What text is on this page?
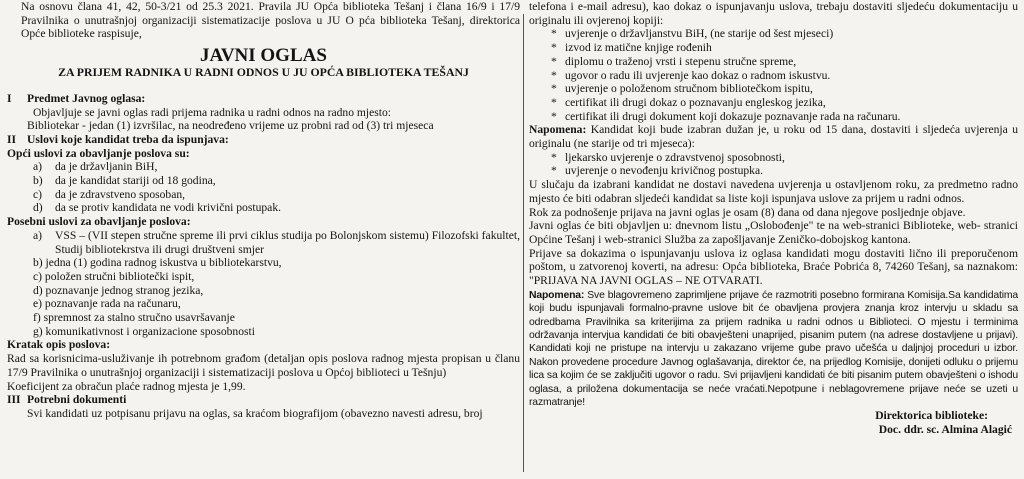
Na osnovu člana 41, 42, 50-3/21 od 25.3 2021. Pravila JU Opća biblioteka Tešanj i člana 16/9 i 17/9 Pravilnika o unutrašnjoj organizaciji sistematizacije poslova u JU O pća biblioteka Tešanj, direktorica Opće biblioteke raspisuje,

JAVNI OGLAS
ZA PRIJEM RADNIKA U RADNI ODNOS U JU OPĆA BIBLIOTEKA TEŠANJ
I	Predmet Javnog oglasa:

Objavljuje se javni oglas radi prijema radnika u radni odnos na radno mjesto:

Bibliotekar - jedan (1) izvršilac, na neodređeno vrijeme uz probni rad od (3) tri mjeseca

II Uslovi koje kandidat treba da ispunjava:

Opći uslovi za obavljanje poslova su:

a)	da je državljanin BiH,
b)	da je kandidat stariji od 18 godina,
c)	da je zdravstveno sposoban,
d)	da se protiv kandidata ne vodi krivični postupak.

Posebni uslovi za obavljanje poslova:

a)	VSS – (VII stepen stručne spreme ili prvi ciklus studija po Bolonjskom sistemu) Filozofski fakultet, Studij bibliotekrstva ili drugi društveni smjer
b) jedna (1) godina radnog iskustva u bibliotekarstvu,
c) položen stručni bibliotečki ispit,
d) poznavanje jednog stranog jezika,
e) poznavanje rada na računaru,
f) spremnost za stalno stručno usavršavanje
g) komunikativnost i organizacione sposobnosti

Kratak opis poslova:

Rad sa korisnicima-usluživanje ih potrebnom građom (detaljan opis poslova radnog mjesta propisan u članu 17/9 Pravilnika o unutrašnjoj organizaciji i sistematizaciji poslova u Općoj biblioteci u Tešnju)

Koeficijent za obračun plaće radnog mjesta je 1,99.

III Potrebni dokumenti

Svi kandidati uz potpisanu prijavu na oglas, sa kraćom biografijom (obavezno navesti adresu, broj

telefona i e-mail adresu), kao dokaz o ispunjavanju uslova, trebaju dostaviti sljedeću dokumentaciju u originalu ili ovjerenoj kopiji:

* uvjerenje o državljanstvu BiH, (ne starije od šest mjeseci)
* izvod iz matične knjige rođenih
* diplomu o traženoj vrsti i stepenu stručne spreme,
* ugovor o radu ili uvjerenje kao dokaz o radnom iskustvu.
* uvjerenje o položenom stručnom bibliotečkom ispitu,
* certifikat ili drugi dokaz o poznavanju engleskog jezika,
* certifikat ili drugi dokument koji dokazuje poznavanje rada na računaru.

Napomena: Kandidat koji bude izabran dužan je, u roku od 15 dana, dostaviti i sljedeća uvjerenja u originalu (ne starije od tri mjeseca):

* ljekarsko uvjerenje o zdravstvenoj sposobnosti,
* uvjerenje o nevođenju krivičnog postupka.

U slučaju da izabrani kandidat ne dostavi navedena uvjerenja u ostavljenom roku, za predmetno radno mjesto će biti odabran sljedeći kandidat sa liste koji ispunjava uslove za prijem u radni odnos.

Rok za podnošenje prijava na javni oglas je osam (8) dana od dana njegove posljednje objave.

Javni oglas će biti objavljen u: dnevnom listu „Oslobođenje" te na web-stranici Biblioteke, web- stranici Općine Tešanj i web-stranici Služba za zapošljavanje Zeničko-dobojskog kantona.

Prijave sa dokazima o ispunjavanju uslova iz oglasa kandidati mogu dostaviti lično ili preporučenom poštom, u zatvorenoj koverti, na adresu: Opća biblioteka, Braće Pobrića 8, 74260 Tešanj, sa naznakom: "PRIJAVA NA JAVNI OGLAS – NE OTVARATI.

Napomena: Sve blagovremeno zaprimljene prijave će razmotriti posebno formirana Komisija.Sa kandidatima koji budu ispunjavali formalno-pravne uslove bit će obavljena provjera znanja kroz intervju u skladu sa odredbama Pravilnika sa kriterijima za prijem radnika u radni odnos u Biblioteci. O mjestu i terminima održavanja intervjua kandidati će biti obavješteni unaprijed, pisanim putem (na adrese dostavljene u prijavi). Kandidati koji ne pristupe na intervju u zakazano vrijeme gube pravo učešća u daljnjoj proceduri u izbor. Nakon provedene procedure Javnog oglašavanja, direktor će, na prijedlog Komisije, donijeti odluku o prijemu lica sa kojim će se zaključiti ugovor o radu. Svi prijavljeni kandidati će biti pisanim putem obavješteni o ishodu oglasa, a priložena dokumentacija se neće vraćati.Nepotpune i neblagovremene prijave neće se uzeti u razmatranje!

Direktorica biblioteke:

Doc. ddr. sc. Almina Alagić
